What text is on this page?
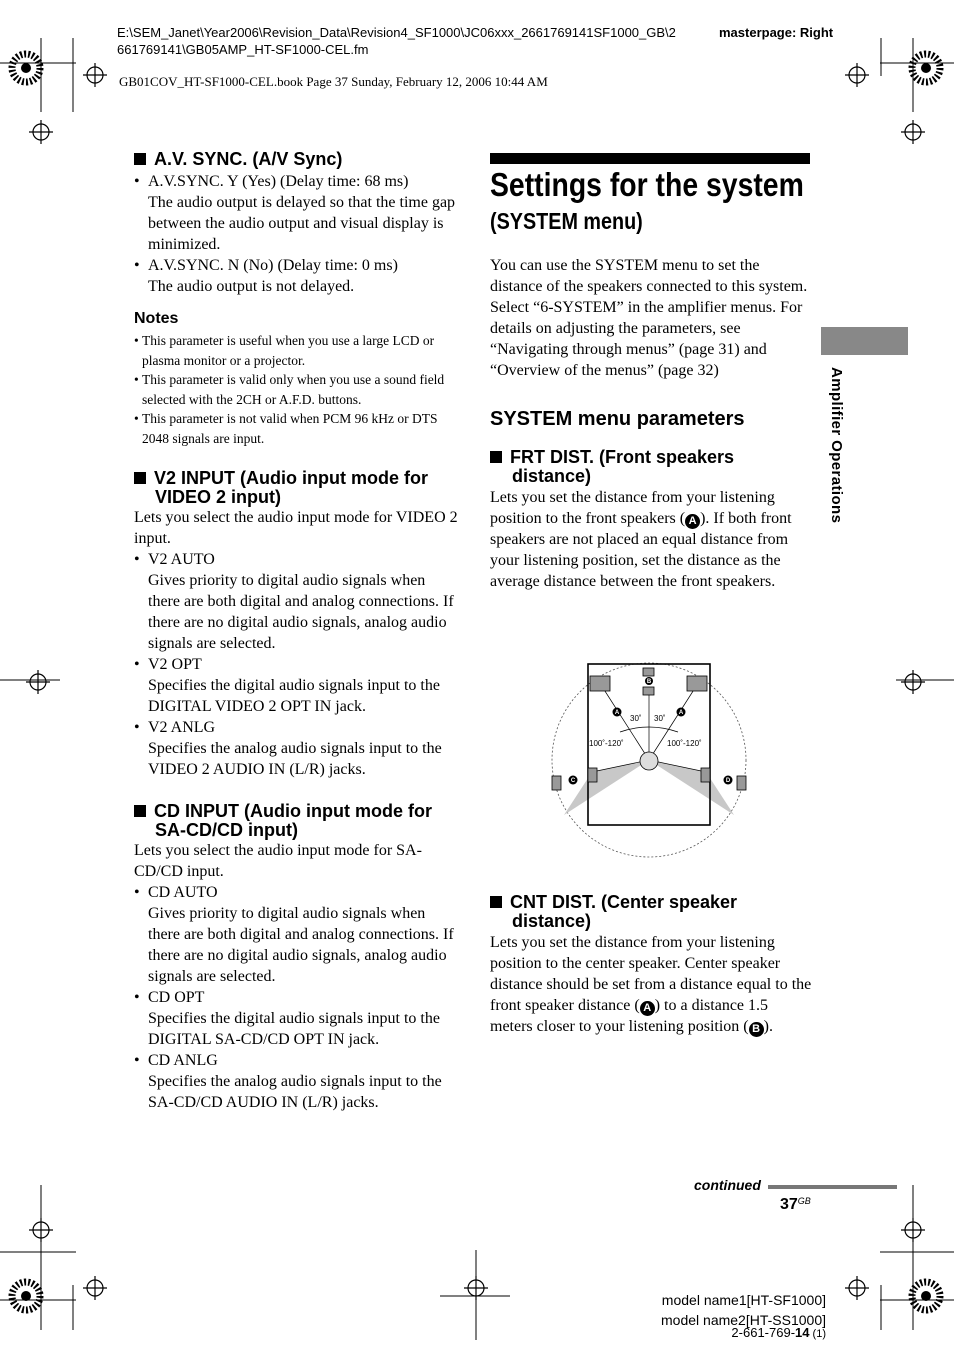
E:\SEM_Janet\Year2006\Revision_Data\Revision4_SF1000\JC06xxx_2661769141SF1000_GB\2
661769141\GB05AMP_HT-SF1000-CEL.fm
masterpage: Right
GB01COV_HT-SF1000-CEL.book Page 37 Sunday, February 12, 2006 10:44 AM
A.V. SYNC. (A/V Sync)
• A.V.SYNC. Y (Yes) (Delay time: 68 ms)
The audio output is delayed so that the time gap between the audio output and visual display is minimized.
• A.V.SYNC. N (No) (Delay time: 0 ms)
The audio output is not delayed.
Notes
• This parameter is useful when you use a large LCD or plasma monitor or a projector.
• This parameter is valid only when you use a sound field selected with the 2CH or A.F.D. buttons.
• This parameter is not valid when PCM 96 kHz or DTS 2048 signals are input.
V2 INPUT (Audio input mode for
VIDEO 2 input)
Lets you select the audio input mode for VIDEO 2 input.
• V2 AUTO
Gives priority to digital audio signals when there are both digital and analog connections. If there are no digital audio signals, analog audio signals are selected.
• V2 OPT
Specifies the digital audio signals input to the DIGITAL VIDEO 2 OPT IN jack.
• V2 ANLG
Specifies the analog audio signals input to the VIDEO 2 AUDIO IN (L/R) jacks.
CD INPUT (Audio input mode for
SA-CD/CD input)
Lets you select the audio input mode for SA-CD/CD input.
• CD AUTO
Gives priority to digital audio signals when there are both digital and analog connections. If there are no digital audio signals, analog audio signals are selected.
• CD OPT
Specifies the digital audio signals input to the DIGITAL SA-CD/CD OPT IN jack.
• CD ANLG
Specifies the analog audio signals input to the SA-CD/CD AUDIO IN (L/R) jacks.
Settings for the system
(SYSTEM menu)
You can use the SYSTEM menu to set the distance of the speakers connected to this system.
Select “6-SYSTEM” in the amplifier menus. For details on adjusting the parameters, see “Navigating through menus” (page 31) and “Overview of the menus” (page 32)
SYSTEM menu parameters
FRT DIST. (Front speakers
distance)
Lets you set the distance from your listening position to the front speakers ( A ). If both front speakers are not placed an equal distance from your listening position, set the distance as the average distance between the front speakers.
30˚ 30˚
100˚-120˚	100˚-120˚
A	A
B
C	D
CNT DIST. (Center speaker
distance)
Lets you set the distance from your listening position to the center speaker. Center speaker distance should be set from a distance equal to the front speaker distance ( A ) to a distance 1.5 meters closer to your listening position ( B ).
Amplifier Operations
continued
$37^{GB}$
model name1[HT-SF1000]
model name2[HT-SS1000]
2-661-769-14 (1)
